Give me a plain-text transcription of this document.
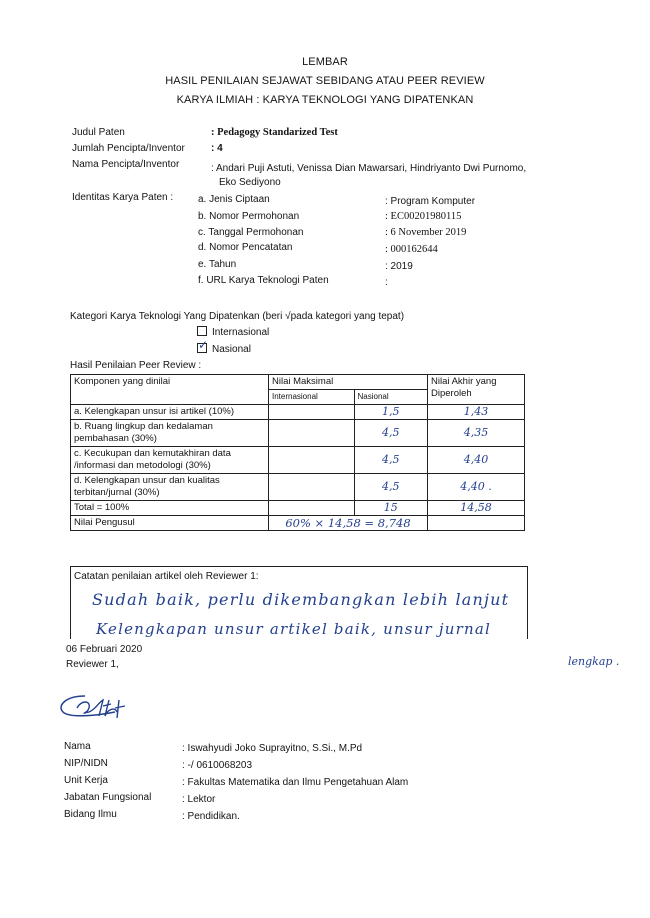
LEMBAR
HASIL PENILAIAN SEJAWAT SEBIDANG ATAU PEER REVIEW
KARYA ILMIAH : KARYA TEKNOLOGI YANG DIPATENKAN
Judul Paten	: Pedagogy Standarized Test
Jumlah Pencipta/Inventor	: 4
Nama Pencipta/Inventor	: Andari Puji Astuti, Venissa Dian Mawarsari, Hindriyanto Dwi Purnomo,
Eko Sediyono
Identitas Karya Paten : a. Jenis Ciptaan	: Program Komputer
b. Nomor Permohonan	: EC00201980115
c. Tanggal Permohonan	: 6 November 2019
d. Nomor Pencatatan	: 000162644
e. Tahun	: 2019
f. URL Karya Teknologi Paten	:
Kategori Karya Teknologi Yang Dipatenkan (beri √pada kategori yang tepat)
Internasional
✓ Nasional
Hasil Penilaian Peer Review :
Komponen yang dinilai	Nilai Maksimal		Nilai Akhir yang Diperoleh
	Internasional	Nasional	
a. Kelengkapan unsur isi artikel (10%)		1,5	1,43
b. Ruang lingkup dan kedalaman pembahasan (30%)		4,5	4,35
c. Kecukupan dan kemutakhiran data /informasi dan metodologi (30%)		4,5	4,40
d. Kelengkapan unsur dan kualitas terbitan/jurnal (30%)		4,5	4,40 .
Total = 100%		15	14,58
Nilai Pengusul	60% × 14,58 = 8,748		
Catatan penilaian artikel oleh Reviewer 1:
Sudah baik, perlu dikembangkan lebih lanjut
Kelengkapan unsur artikel baik, unsur jurnal
lengkap .
06 Februari 2020
Reviewer 1,
Nama	: Iswahyudi Joko Suprayitno, S.Si., M.Pd
NIP/NIDN	: -/ 0610068203
Unit Kerja	: Fakultas Matematika dan Ilmu Pengetahuan Alam
Jabatan Fungsional	: Lektor
Bidang Ilmu	: Pendidikan.
